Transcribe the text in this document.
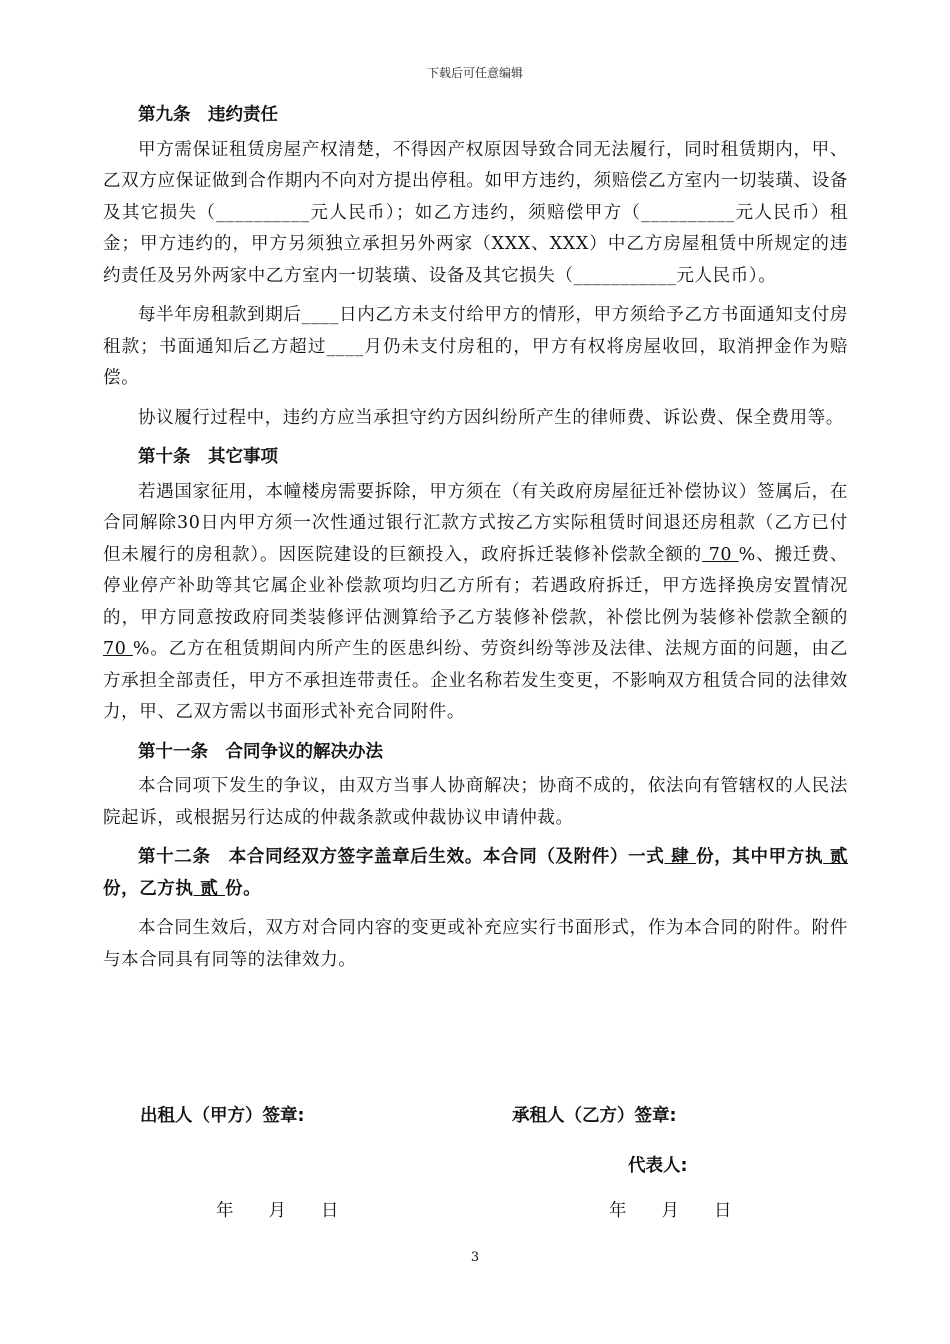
下载后可任意编辑
第九条　违约责任

甲方需保证租赁房屋产权清楚，不得因产权原因导致合同无法履行，同时租赁期内，甲、乙双方应保证做到合作期内不向对方提出停租。如甲方违约，须赔偿乙方室内一切装璜、设备及其它损失（__________元人民币）；如乙方违约，须赔偿甲方（__________元人民币）租金；甲方违约的，甲方另须独立承担另外两家（XXX、XXX）中乙方房屋租赁中所规定的违约责任及另外两家中乙方室内一切装璜、设备及其它损失（___________元人民币）。

每半年房租款到期后____日内乙方未支付给甲方的情形，甲方须给予乙方书面通知支付房租款；书面通知后乙方超过____月仍未支付房租的，甲方有权将房屋收回，取消押金作为赔偿。

协议履行过程中，违约方应当承担守约方因纠纷所产生的律师费、诉讼费、保全费用等。

第十条　其它事项

若遇国家征用，本幢楼房需要拆除，甲方须在（有关政府房屋征迁补偿协议）签属后，在合同解除30日内甲方须一次性通过银行汇款方式按乙方实际租赁时间退还房租款（乙方已付但未履行的房租款）。因医院建设的巨额投入，政府拆迁装修补偿款全额的 70 %、搬迁费、停业停产补助等其它属企业补偿款项均归乙方所有；若遇政府拆迁，甲方选择换房安置情况的，甲方同意按政府同类装修评估测算给予乙方装修补偿款，补偿比例为装修补偿款全额的 70 %。乙方在租赁期间内所产生的医患纠纷、劳资纠纷等涉及法律、法规方面的问题，由乙方承担全部责任，甲方不承担连带责任。企业名称若发生变更，不影响双方租赁合同的法律效力，甲、乙双方需以书面形式补充合同附件。

第十一条　合同争议的解决办法

本合同项下发生的争议，由双方当事人协商解决；协商不成的，依法向有管辖权的人民法院起诉，或根据另行达成的仲裁条款或仲裁协议申请仲裁。

第十二条　本合同经双方签字盖章后生效。本合同（及附件）一式 肆 份，其中甲方执 贰 份，乙方执 贰 份。

本合同生效后，双方对合同内容的变更或补充应实行书面形式，作为本合同的附件。附件与本合同具有同等的法律效力。

出租人（甲方）签章:	承租人（乙方）签章:
代表人:
年　　月　　日	年　　月　　日
3
